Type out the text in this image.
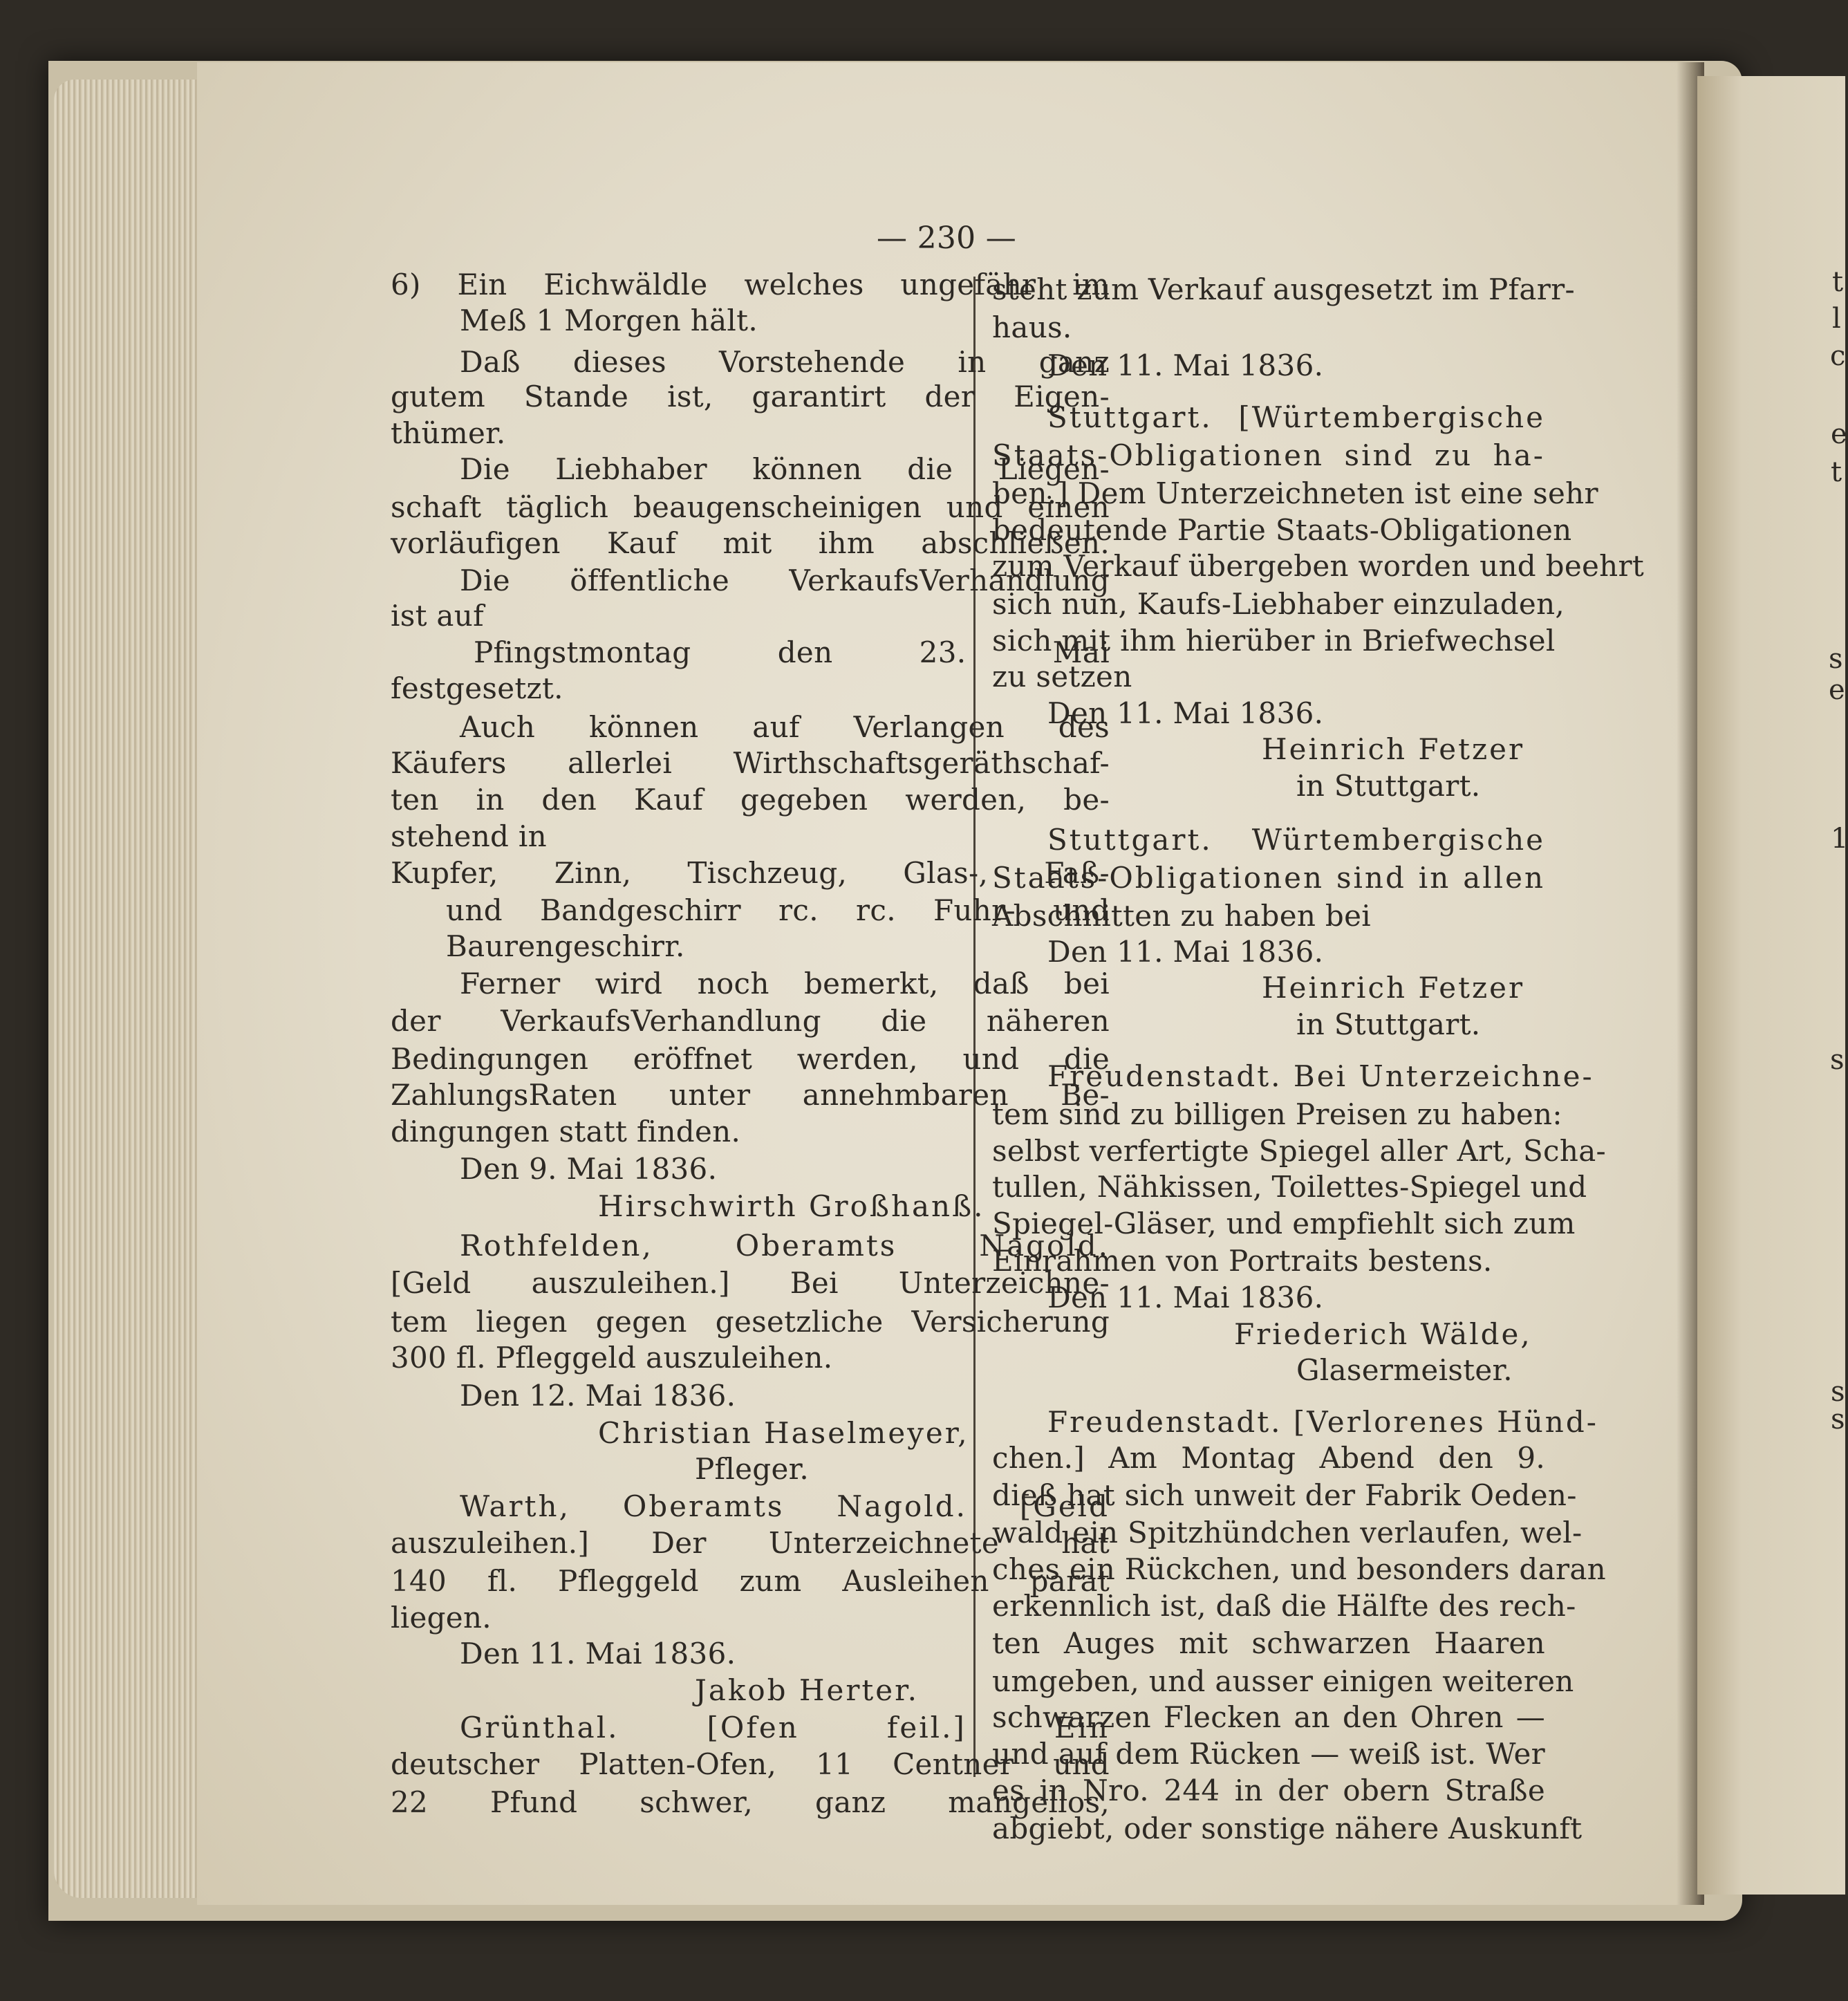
— 230 —

6) Ein Eichwäldle welches ungefähr im

Meß 1 Morgen hält.

Daß dieses Vorstehende in ganz

gutem Stande ist, garantirt der Eigen-

thümer.

Die Liebhaber können die Liegen-

schaft täglich beaugenscheinigen und einen

vorläufigen Kauf mit ihm abschließen.

Die öffentliche VerkaufsVerhandlung

ist auf

Pfingstmontag den 23. Mai

festgesetzt.

Auch können auf Verlangen des

Käufers allerlei Wirthschaftsgeräthschaf-

ten in den Kauf gegeben werden, be-

stehend in

Kupfer, Zinn, Tischzeug, Glas-, Faß-

und Bandgeschirr rc. rc. Fuhr- und

Baurengeschirr.

Ferner wird noch bemerkt, daß bei

der VerkaufsVerhandlung die näheren

Bedingungen eröffnet werden, und die

ZahlungsRaten unter annehmbaren Be-

dingungen statt finden.

Den 9. Mai 1836.

Hirschwirth Großhanß.

Rothfelden, Oberamts Nagold.

[Geld auszuleihen.] Bei Unterzeichne-

tem liegen gegen gesetzliche Versicherung

300 fl. Pfleggeld auszuleihen.

Den 12. Mai 1836.

Christian Haselmeyer,

Pfleger.

Warth, Oberamts Nagold. [Geld

auszuleihen.] Der Unterzeichnete hat

140 fl. Pfleggeld zum Ausleihen parat

liegen.

Den 11. Mai 1836.

Jakob Herter.

Grünthal. [Ofen feil.] Ein

deutscher Platten-Ofen, 11 Centner und

22 Pfund schwer, ganz mangellos,

steht zum Verkauf ausgesetzt im Pfarr-

haus.

Den 11. Mai 1836.

Stuttgart. [Würtembergische

Staats-Obligationen sind zu ha-

ben.] Dem Unterzeichneten ist eine sehr

bedeutende Partie Staats-Obligationen

zum Verkauf übergeben worden und beehrt

sich nun, Kaufs-Liebhaber einzuladen,

sich mit ihm hierüber in Briefwechsel

zu setzen

Den 11. Mai 1836.

Heinrich Fetzer

in Stuttgart.

Stuttgart. Würtembergische

Staats-Obligationen sind in allen

Abschnitten zu haben bei

Den 11. Mai 1836.

Heinrich Fetzer

in Stuttgart.

Freudenstadt. Bei Unterzeichne-

tem sind zu billigen Preisen zu haben:

selbst verfertigte Spiegel aller Art, Scha-

tullen, Nähkissen, Toilettes-Spiegel und

Spiegel-Gläser, und empfiehlt sich zum

Einrahmen von Portraits bestens.

Den 11. Mai 1836.

Friederich Wälde,

Glasermeister.

Freudenstadt. [Verlorenes Hünd-

chen.] Am Montag Abend den 9.

dieß hat sich unweit der Fabrik Oeden-

wald ein Spitzhündchen verlaufen, wel-

ches ein Rückchen, und besonders daran

erkennlich ist, daß die Hälfte des rech-

ten Auges mit schwarzen Haaren

umgeben, und ausser einigen weiteren

schwarzen Flecken an den Ohren —

und auf dem Rücken — weiß ist. Wer

es in Nro. 244 in der obern Straße

abgiebt, oder sonstige nähere Auskunft

t
l
c
e
t
s
e
1
s
s
s
